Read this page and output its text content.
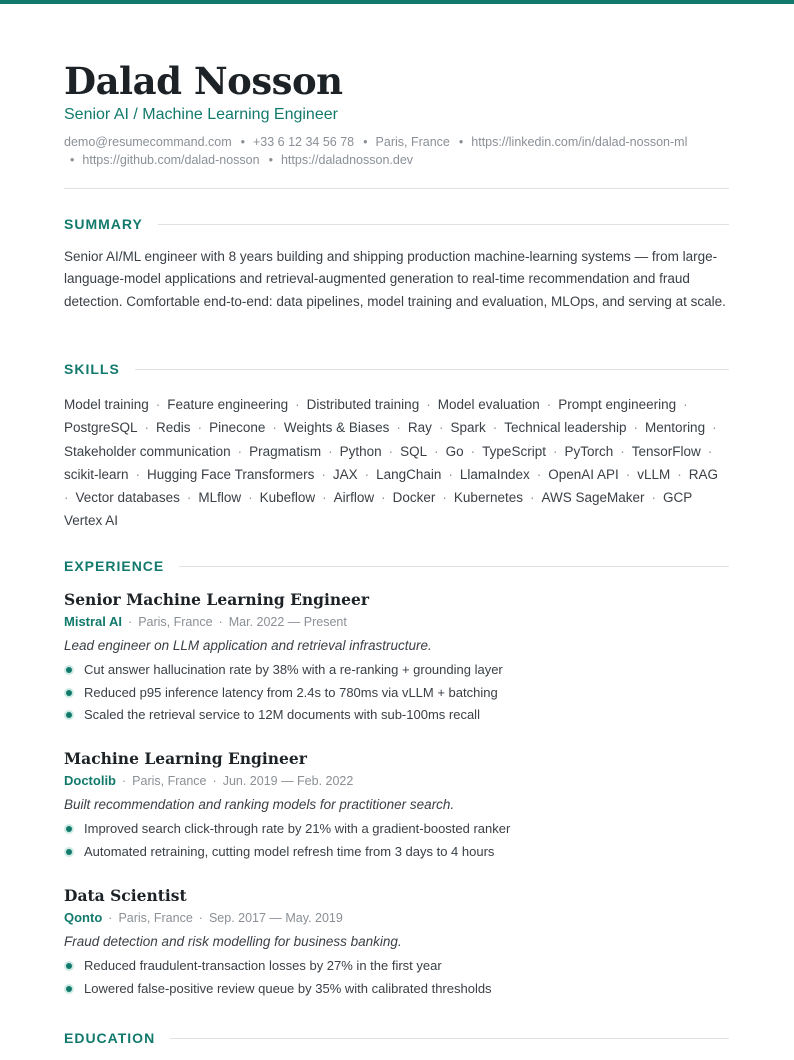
Dalad Nosson
Senior AI / Machine Learning Engineer
demo@resumecommand.com • +33 6 12 34 56 78 • Paris, France • https://linkedin.com/in/dalad-nosson-ml
• https://github.com/dalad-nosson • https://daladnosson.dev
SUMMARY

Senior AI/ML engineer with 8 years building and shipping production machine-learning systems — from large-language-model applications and retrieval-augmented generation to real-time recommendation and fraud detection. Comfortable end-to-end: data pipelines, model training and evaluation, MLOps, and serving at scale.

SKILLS
Model training · Feature engineering · Distributed training · Model evaluation · Prompt engineering ·
PostgreSQL · Redis · Pinecone · Weights & Biases · Ray · Spark · Technical leadership · Mentoring ·
Stakeholder communication · Pragmatism · Python · SQL · Go · TypeScript · PyTorch · TensorFlow ·
scikit-learn · Hugging Face Transformers · JAX · LangChain · LlamaIndex · OpenAI API · vLLM · RAG
· Vector databases · MLflow · Kubeflow · Airflow · Docker · Kubernetes · AWS SageMaker · GCP
Vertex AI
EXPERIENCE
Senior Machine Learning Engineer
Mistral AI · Paris, France · Mar. 2022 — Present

Lead engineer on LLM application and retrieval infrastructure.

Cut answer hallucination rate by 38% with a re-ranking + grounding layer
Reduced p95 inference latency from 2.4s to 780ms via vLLM + batching
Scaled the retrieval service to 12M documents with sub-100ms recall
Machine Learning Engineer
Doctolib · Paris, France · Jun. 2019 — Feb. 2022

Built recommendation and ranking models for practitioner search.

Improved search click-through rate by 21% with a gradient-boosted ranker
Automated retraining, cutting model refresh time from 3 days to 4 hours
Data Scientist
Qonto · Paris, France · Sep. 2017 — May. 2019

Fraud detection and risk modelling for business banking.

Reduced fraudulent-transaction losses by 27% in the first year
Lowered false-positive review queue by 35% with calibrated thresholds
EDUCATION
